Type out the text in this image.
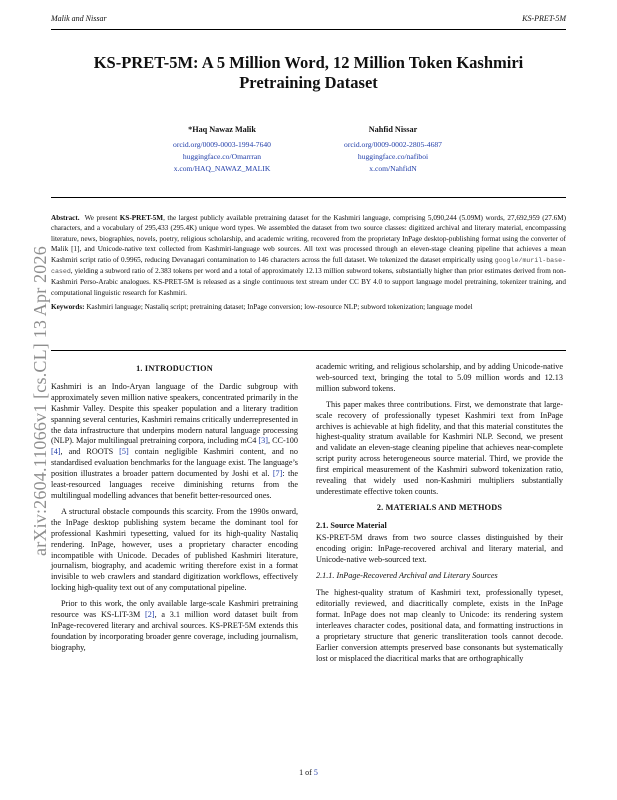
Malik and Nissar	KS-PRET-5M
arXiv:2604.11066v1 [cs.CL] 13 Apr 2026
KS-PRET-5M: A 5 Million Word, 12 Million Token Kashmiri Pretraining Dataset
*Haq Nawaz Malik
orcid.org/0009-0003-1994-7640
huggingface.co/Omarrran
x.com/HAQ_NAWAZ_MALIK
Nahfid Nissar
orcid.org/0009-0002-2805-4687
huggingface.co/nafiboi
x.com/NahfidN
Abstract. We present KS-PRET-5M, the largest publicly available pretraining dataset for the Kashmiri language, comprising 5,090,244 (5.09M) words, 27,692,959 (27.6M) characters, and a vocabulary of 295,433 (295.4K) unique word types. We assembled the dataset from two source classes: digitized archival and literary material, encompassing literature, news, biographies, novels, poetry, religious scholarship, and academic writing, recovered from the proprietary InPage desktop-publishing format using the converter of Malik [1], and Unicode-native text collected from Kashmiri-language web sources. All text was processed through an eleven-stage cleaning pipeline that achieves a mean Kashmiri script ratio of 0.9965, reducing Devanagari contamination to 146 characters across the full dataset. We tokenized the dataset empirically using google/muril-base-cased, yielding a subword ratio of 2.383 tokens per word and a total of approximately 12.13 million subword tokens, substantially higher than prior estimates derived from non-Kashmiri Perso-Arabic analogues. KS-PRET-5M is released as a single continuous text stream under CC BY 4.0 to support language model pretraining, tokenizer training, and computational linguistic research for Kashmiri.
Keywords: Kashmiri language; Nastaliq script; pretraining dataset; InPage conversion; low-resource NLP; subword tokenization; language model
1. INTRODUCTION

Kashmiri is an Indo-Aryan language of the Dardic subgroup with approximately seven million native speakers, concentrated primarily in the Kashmir Valley. Despite this speaker population and a literary tradition spanning several centuries, Kashmiri remains critically underrepresented in the data infrastructure that underpins modern natural language processing (NLP). Major multilingual pretraining corpora, including mC4 [3], CC-100 [4], and ROOTS [5] contain negligible Kashmiri content, and no standardised evaluation benchmarks for the language exist. The language’s position illustrates a broader pattern documented by Joshi et al. [7]: the least-resourced languages receive diminishing returns from the multilingual modelling advances that benefit better-resourced ones.

A structural obstacle compounds this scarcity. From the 1990s onward, the InPage desktop publishing system became the dominant tool for professional Kashmiri typesetting, valued for its high-quality Nastaliq rendering. InPage, however, uses a proprietary character encoding incompatible with Unicode. Decades of published Kashmiri literature, journalism, biography, and academic writing therefore exist in a format invisible to web crawlers and standard digitization workflows, effectively locking high-quality text out of any computational pipeline.

Prior to this work, the only available large-scale Kashmiri pretraining resource was KS-LIT-3M [2], a 3.1 million word dataset built from InPage-recovered literary and archival sources. KS-PRET-5M extends this foundation by incorporating broader genre coverage, including journalism, biography,

academic writing, and religious scholarship, and by adding Unicode-native web-sourced text, bringing the total to 5.09 million words and 12.13 million subword tokens.

This paper makes three contributions. First, we demonstrate that large-scale recovery of professionally typeset Kashmiri text from InPage archives is achievable at high fidelity, and that this material constitutes the highest-quality stratum available for Kashmiri NLP. Second, we present and validate an eleven-stage cleaning pipeline that achieves near-complete script purity across heterogeneous source material. Third, we provide the first empirical measurement of the Kashmiri subword tokenization ratio, revealing that widely used non-Kashmiri multipliers substantially underestimate effective token counts.

2. MATERIALS AND METHODS
2.1. Source Material

KS-PRET-5M draws from two source classes distinguished by their encoding origin: InPage-recovered archival and literary material, and Unicode-native web-sourced text.

2.1.1. InPage-Recovered Archival and Literary Sources

The highest-quality stratum of Kashmiri text, professionally typeset, editorially reviewed, and diacritically complete, exists in the InPage format. InPage does not map cleanly to Unicode: its rendering system interleaves character codes, positional data, and formatting instructions in a proprietary structure that generic transliteration tools cannot decode. Earlier conversion attempts preserved base consonants but systematically lost or misplaced the diacritical marks that are orthographically

1 of 5
